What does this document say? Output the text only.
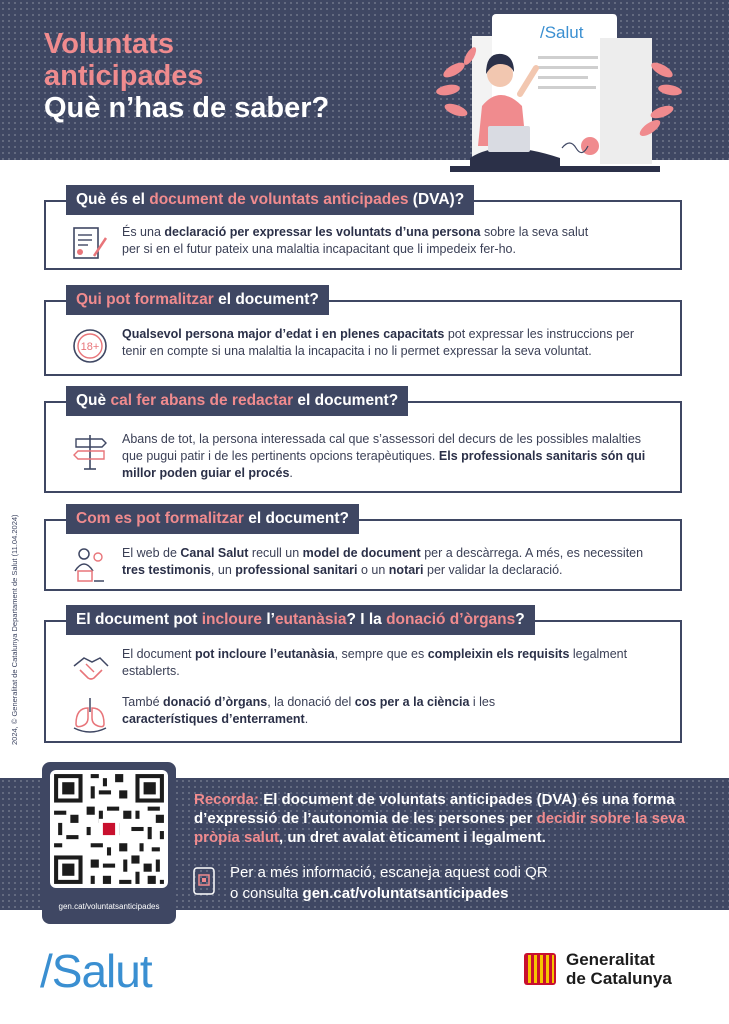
Voluntats
anticipades
Què n’has de saber?
/Salut
Què és el document de voluntats anticipades (DVA)?
És una declaració per expressar les voluntats d’una persona sobre la seva salut per si en el futur pateix una malaltia incapacitant que li impedeix fer-ho.
Qui pot formalitzar el document?
18+
Qualsevol persona major d’edat i en plenes capacitats pot expressar les instruccions per tenir en compte si una malaltia la incapacita i no li permet expressar la seva voluntat.
Què cal fer abans de redactar el document?
Abans de tot, la persona interessada cal que s’assessori del decurs de les possibles malalties que pugui patir i de les pertinents opcions terapèutiques. Els professionals sanitaris són qui millor poden guiar el procés.
Com es pot formalitzar el document?
El web de Canal Salut recull un model de document per a descàrrega. A més, es necessiten tres testimonis, un professional sanitari o un notari per validar la declaració.
El document pot incloure l’eutanàsia? I la donació d’òrgans?
El document pot incloure l’eutanàsia, sempre que es compleixin els requisits legalment establerts.
També donació d’òrgans, la donació del cos per a la ciència i les característiques d’enterrament.
2024, © Generalitat de Catalunya Departament de Salut (11.04.2024)
gen.cat/voluntatsanticipades
Recorda: El document de voluntats anticipades (DVA) és una forma d’expressió de l’autonomia de les persones per decidir sobre la seva pròpia salut, un dret avalat èticament i legalment.
Per a més informació, escaneja aquest codi QR
o consulta gen.cat/voluntatsanticipades
/Salut	Generalitat
de Catalunya
